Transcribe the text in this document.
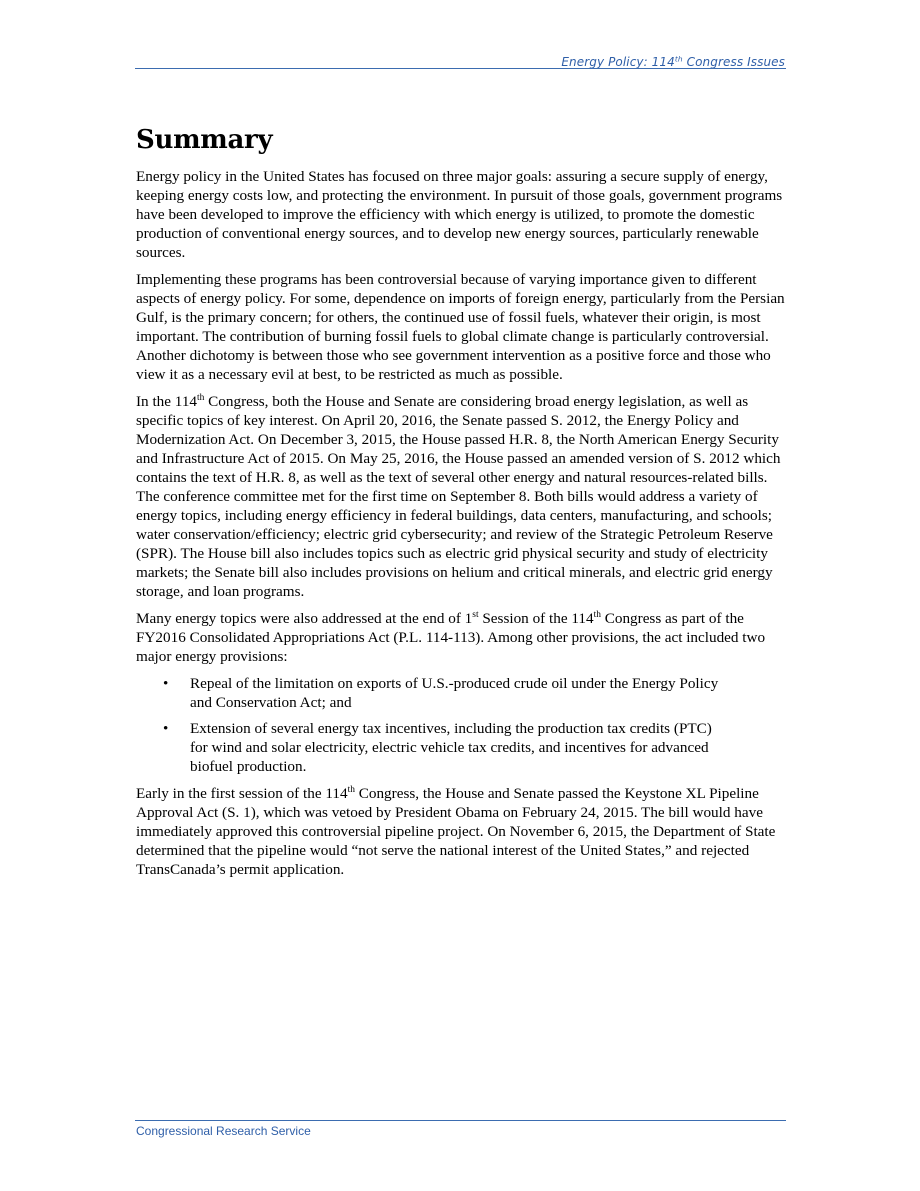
Energy Policy: 114th Congress Issues
Summary

Energy policy in the United States has focused on three major goals: assuring a secure supply of energy, keeping energy costs low, and protecting the environment. In pursuit of those goals, government programs have been developed to improve the efficiency with which energy is utilized, to promote the domestic production of conventional energy sources, and to develop new energy sources, particularly renewable sources.

Implementing these programs has been controversial because of varying importance given to different aspects of energy policy. For some, dependence on imports of foreign energy, particularly from the Persian Gulf, is the primary concern; for others, the continued use of fossil fuels, whatever their origin, is most important. The contribution of burning fossil fuels to global climate change is particularly controversial. Another dichotomy is between those who see government intervention as a positive force and those who view it as a necessary evil at best, to be restricted as much as possible.

In the 114th Congress, both the House and Senate are considering broad energy legislation, as well as specific topics of key interest. On April 20, 2016, the Senate passed S. 2012, the Energy Policy and Modernization Act. On December 3, 2015, the House passed H.R. 8, the North American Energy Security and Infrastructure Act of 2015. On May 25, 2016, the House passed an amended version of S. 2012 which contains the text of H.R. 8, as well as the text of several other energy and natural resources-related bills. The conference committee met for the first time on September 8. Both bills would address a variety of energy topics, including energy efficiency in federal buildings, data centers, manufacturing, and schools; water conservation/efficiency; electric grid cybersecurity; and review of the Strategic Petroleum Reserve (SPR). The House bill also includes topics such as electric grid physical security and study of electricity markets; the Senate bill also includes provisions on helium and critical minerals, and electric grid energy storage, and loan programs.

Many energy topics were also addressed at the end of 1st Session of the 114th Congress as part of the FY2016 Consolidated Appropriations Act (P.L. 114-113). Among other provisions, the act included two major energy provisions:

• Repeal of the limitation on exports of U.S.-produced crude oil under the Energy Policy and Conservation Act; and
• Extension of several energy tax incentives, including the production tax credits (PTC) for wind and solar electricity, electric vehicle tax credits, and incentives for advanced biofuel production.

Early in the first session of the 114th Congress, the House and Senate passed the Keystone XL Pipeline Approval Act (S. 1), which was vetoed by President Obama on February 24, 2015. The bill would have immediately approved this controversial pipeline project. On November 6, 2015, the Department of State determined that the pipeline would “not serve the national interest of the United States,” and rejected TransCanada’s permit application.

Congressional Research Service
